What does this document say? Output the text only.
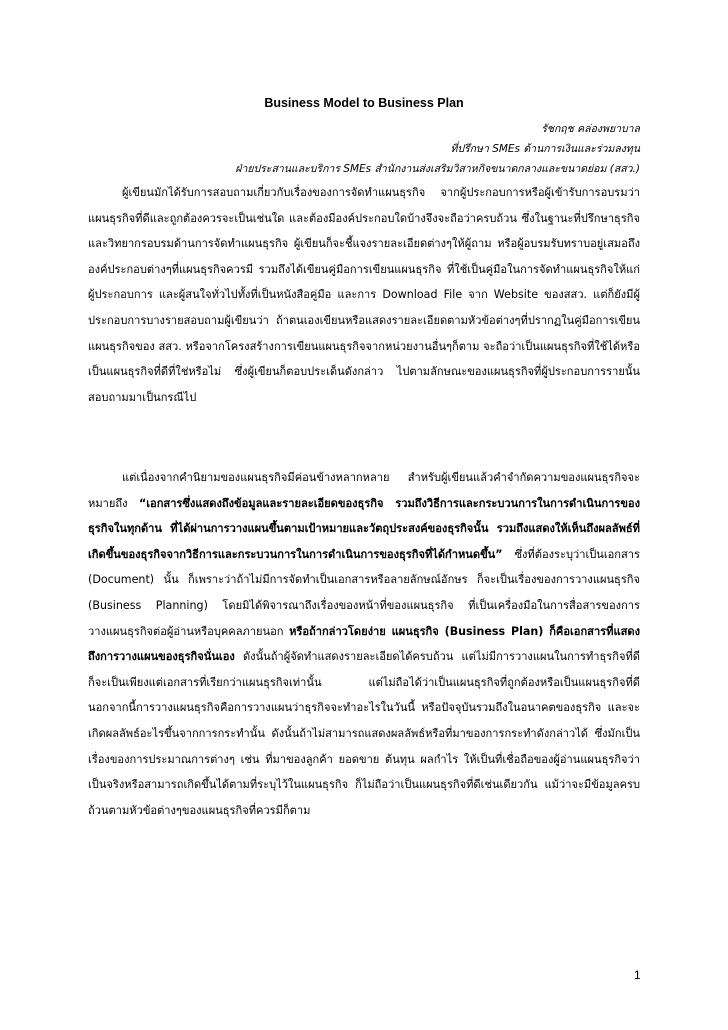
Business Model to Business Plan
รัชกฤช คล่องพยาบาล
ที่ปรึกษา SMEs ด้านการเงินและร่วมลงทุน
ฝ่ายประสานและบริการ SMEs สำนักงานส่งเสริมวิสาหกิจขนาดกลางและขนาดย่อม (สสว.)
ผู้เขียนมักได้รับการสอบถามเกี่ยวกับเรื่องของการจัดทำแผนธุรกิจ จากผู้ประกอบการหรือผู้เข้ารับการอบรมว่าแผนธุรกิจที่ดีและถูกต้องควรจะเป็นเช่นใด และต้องมีองค์ประกอบใดบ้างจึงจะถือว่าครบถ้วน ซึ่งในฐานะที่ปรึกษาธุรกิจและวิทยากรอบรมด้านการจัดทำแผนธุรกิจ ผู้เขียนก็จะชี้แจงรายละเอียดต่างๆให้ผู้ถาม หรือผู้อบรมรับทราบอยู่เสมอถึงองค์ประกอบต่างๆที่แผนธุรกิจควรมี รวมถึงได้เขียนคู่มือการเขียนแผนธุรกิจ ที่ใช้เป็นคู่มือในการจัดทำแผนธุรกิจให้แก่ผู้ประกอบการ และผู้สนใจทั่วไปทั้งที่เป็นหนังสือคู่มือ และการ Download File จาก Website ของสสว. แต่ก็ยังมีผู้ประกอบการบางรายสอบถามผู้เขียนว่า ถ้าตนเองเขียนหรือแสดงรายละเอียดตามหัวข้อต่างๆที่ปรากฏในคู่มือการเขียนแผนธุรกิจของ สสว. หรือจากโครงสร้างการเขียนแผนธุรกิจจากหน่วยงานอื่นๆก็ตาม จะถือว่าเป็นแผนธุรกิจที่ใช้ได้หรือเป็นแผนธุรกิจที่ดีที่ใช่หรือไม่ ซึ่งผู้เขียนก็ตอบประเด็นดังกล่าว ไปตามลักษณะของแผนธุรกิจที่ผู้ประกอบการรายนั้นสอบถามมาเป็นกรณีไป
แต่เนื่องจากคำนิยามของแผนธุรกิจมีค่อนข้างหลากหลาย สำหรับผู้เขียนแล้วคำจำกัดความของแผนธุรกิจจะหมายถึง “เอกสารซึ่งแสดงถึงข้อมูลและรายละเอียดของธุรกิจ รวมถึงวิธีการและกระบวนการในการดำเนินการของธุรกิจในทุกด้าน ที่ได้ผ่านการวางแผนขึ้นตามเป้าหมายและวัตถุประสงค์ของธุรกิจนั้น รวมถึงแสดงให้เห็นถึงผลลัพธ์ที่เกิดขึ้นของธุรกิจจากวิธีการและกระบวนการในการดำเนินการของธุรกิจที่ได้กำหนดขึ้น” ซึ่งที่ต้องระบุว่าเป็นเอกสาร (Document) นั้น ก็เพราะว่าถ้าไม่มีการจัดทำเป็นเอกสารหรือลายลักษณ์อักษร ก็จะเป็นเรื่องของการวางแผนธุรกิจ (Business Planning) โดยมิได้พิจารณาถึงเรื่องของหน้าที่ของแผนธุรกิจ ที่เป็นเครื่องมือในการสื่อสารของการวางแผนธุรกิจต่อผู้อ่านหรือบุคคลภายนอก หรือถ้ากล่าวโดยง่าย แผนธุรกิจ (Business Plan) ก็คือเอกสารที่แสดงถึงการวางแผนของธุรกิจนั่นเอง ดังนั้นถ้าผู้จัดทำแสดงรายละเอียดได้ครบถ้วน แต่ไม่มีการวางแผนในการทำธุรกิจที่ดี ก็จะเป็นเพียงแต่เอกสารที่เรียกว่าแผนธุรกิจเท่านั้น แต่ไม่ถือได้ว่าเป็นแผนธุรกิจที่ถูกต้องหรือเป็นแผนธุรกิจที่ดี นอกจากนี้การวางแผนธุรกิจคือการวางแผนว่าธุรกิจจะทำอะไรในวันนี้ หรือปัจจุบันรวมถึงในอนาคตของธุรกิจ และจะเกิดผลลัพธ์อะไรขึ้นจากการกระทำนั้น ดังนั้นถ้าไม่สามารถแสดงผลลัพธ์หรือที่มาของการกระทำดังกล่าวได้ ซึ่งมักเป็นเรื่องของการประมาณการต่างๆ เช่น ที่มาของลูกค้า ยอดขาย ต้นทุน ผลกำไร ให้เป็นที่เชื่อถือของผู้อ่านแผนธุรกิจว่าเป็นจริงหรือสามารถเกิดขึ้นได้ตามที่ระบุไว้ในแผนธุรกิจ ก็ไม่ถือว่าเป็นแผนธุรกิจที่ดีเช่นเดียวกัน แม้ว่าจะมีข้อมูลครบถ้วนตามหัวข้อต่างๆของแผนธุรกิจที่ควรมีก็ตาม
1
